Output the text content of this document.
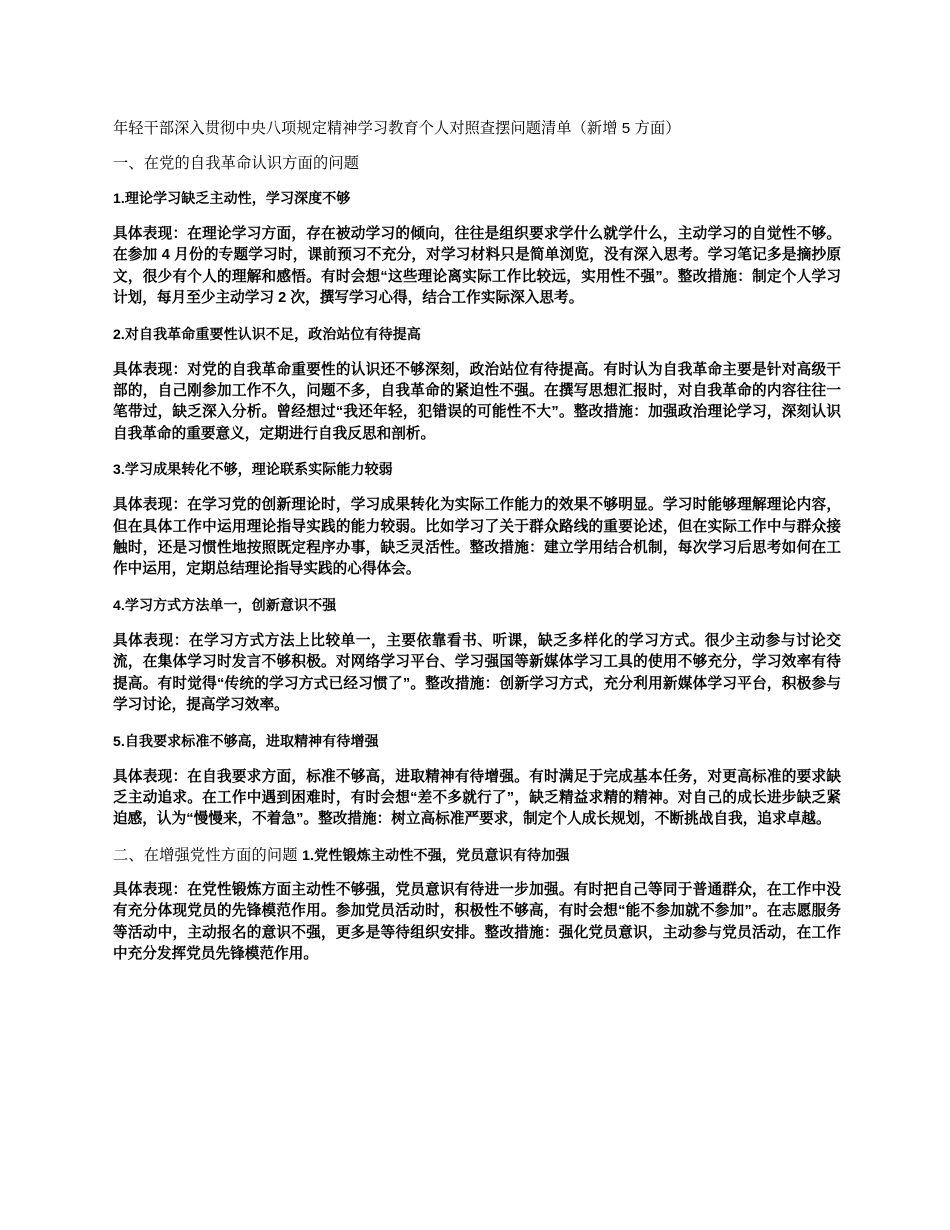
年轻干部深入贯彻中央八项规定精神学习教育个人对照查摆问题清单（新增 5 方面）

一、在党的自我革命认识方面的问题

1.理论学习缺乏主动性，学习深度不够

具体表现：在理论学习方面，存在被动学习的倾向，往往是组织要求学什么就学什么，主动学习的自觉性不够。在参加 4 月份的专题学习时，课前预习不充分，对学习材料只是简单浏览，没有深入思考。学习笔记多是摘抄原文，很少有个人的理解和感悟。有时会想“这些理论离实际工作比较远，实用性不强”。整改措施：制定个人学习计划，每月至少主动学习 2 次，撰写学习心得，结合工作实际深入思考。

2.对自我革命重要性认识不足，政治站位有待提高

具体表现：对党的自我革命重要性的认识还不够深刻，政治站位有待提高。有时认为自我革命主要是针对高级干部的，自己刚参加工作不久，问题不多，自我革命的紧迫性不强。在撰写思想汇报时，对自我革命的内容往往一笔带过，缺乏深入分析。曾经想过“我还年轻，犯错误的可能性不大”。整改措施：加强政治理论学习，深刻认识自我革命的重要意义，定期进行自我反思和剖析。

3.学习成果转化不够，理论联系实际能力较弱

具体表现：在学习党的创新理论时，学习成果转化为实际工作能力的效果不够明显。学习时能够理解理论内容，但在具体工作中运用理论指导实践的能力较弱。比如学习了关于群众路线的重要论述，但在实际工作中与群众接触时，还是习惯性地按照既定程序办事，缺乏灵活性。整改措施：建立学用结合机制，每次学习后思考如何在工作中运用，定期总结理论指导实践的心得体会。

4.学习方式方法单一，创新意识不强

具体表现：在学习方式方法上比较单一，主要依靠看书、听课，缺乏多样化的学习方式。很少主动参与讨论交流，在集体学习时发言不够积极。对网络学习平台、学习强国等新媒体学习工具的使用不够充分，学习效率有待提高。有时觉得“传统的学习方式已经习惯了”。整改措施：创新学习方式，充分利用新媒体学习平台，积极参与学习讨论，提高学习效率。

5.自我要求标准不够高，进取精神有待增强

具体表现：在自我要求方面，标准不够高，进取精神有待增强。有时满足于完成基本任务，对更高标准的要求缺乏主动追求。在工作中遇到困难时，有时会想“差不多就行了”，缺乏精益求精的精神。对自己的成长进步缺乏紧迫感，认为“慢慢来，不着急”。整改措施：树立高标准严要求，制定个人成长规划，不断挑战自我，追求卓越。

二、在增强党性方面的问题 1.党性锻炼主动性不强，党员意识有待加强

具体表现：在党性锻炼方面主动性不够强，党员意识有待进一步加强。有时把自己等同于普通群众，在工作中没有充分体现党员的先锋模范作用。参加党员活动时，积极性不够高，有时会想“能不参加就不参加”。在志愿服务等活动中，主动报名的意识不强，更多是等待组织安排。整改措施：强化党员意识，主动参与党员活动，在工作中充分发挥党员先锋模范作用。
